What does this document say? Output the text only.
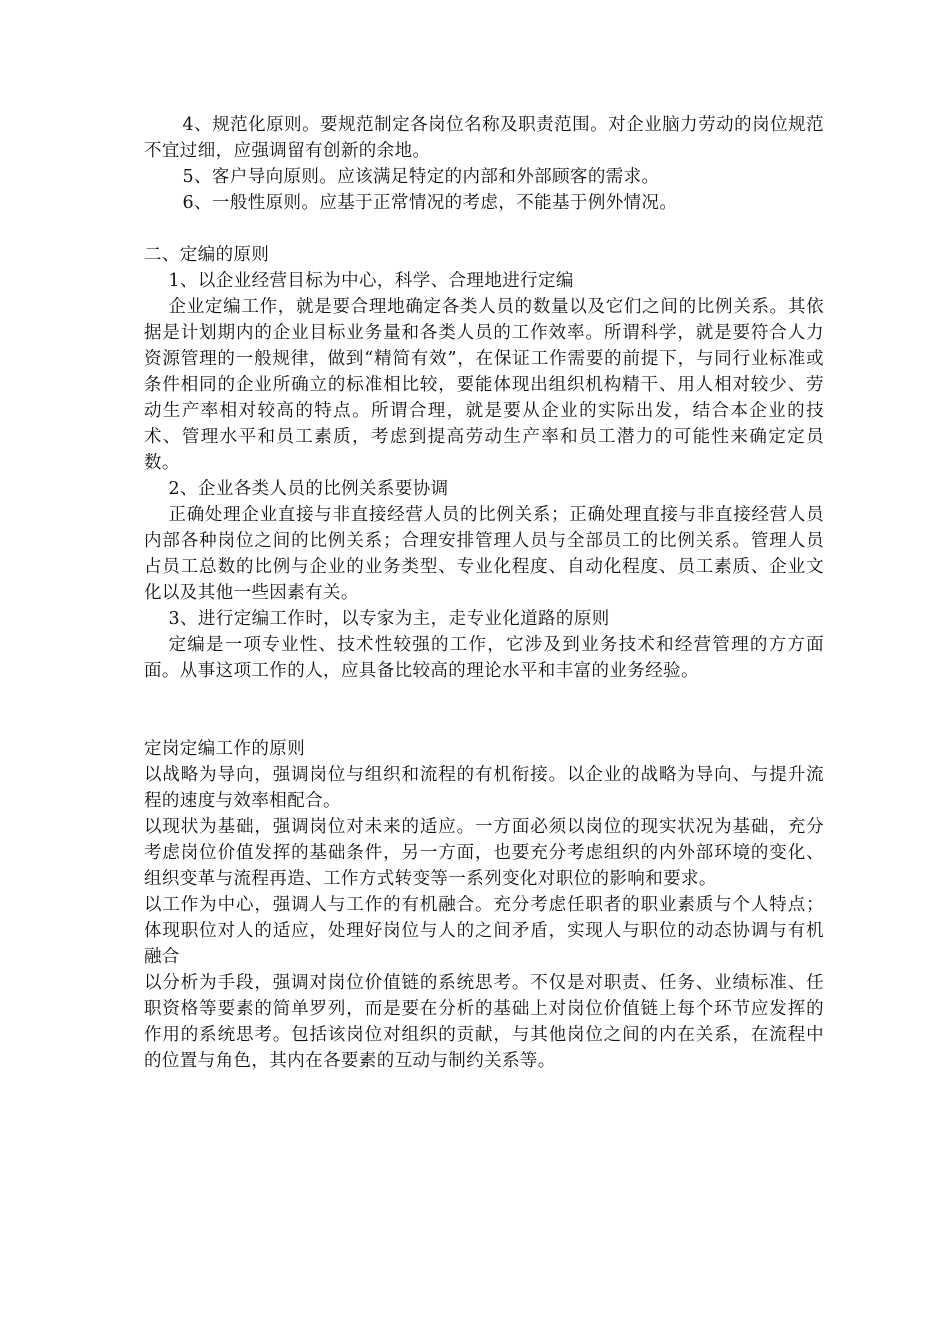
4、规范化原则。要规范制定各岗位名称及职责范围。对企业脑力劳动的岗位规范不宜过细，应强调留有创新的余地。

5、客户导向原则。应该满足特定的内部和外部顾客的需求。

6、一般性原则。应基于正常情况的考虑，不能基于例外情况。

二、定编的原则

1、以企业经营目标为中心，科学、合理地进行定编

企业定编工作，就是要合理地确定各类人员的数量以及它们之间的比例关系。其依据是计划期内的企业目标业务量和各类人员的工作效率。所谓科学，就是要符合人力资源管理的一般规律，做到“精简有效”，在保证工作需要的前提下，与同行业标准或条件相同的企业所确立的标准相比较，要能体现出组织机构精干、用人相对较少、劳动生产率相对较高的特点。所谓合理，就是要从企业的实际出发，结合本企业的技术、管理水平和员工素质，考虑到提高劳动生产率和员工潜力的可能性来确定定员数。

2、企业各类人员的比例关系要协调

正确处理企业直接与非直接经营人员的比例关系；正确处理直接与非直接经营人员内部各种岗位之间的比例关系；合理安排管理人员与全部员工的比例关系。管理人员占员工总数的比例与企业的业务类型、专业化程度、自动化程度、员工素质、企业文化以及其他一些因素有关。

3、进行定编工作时，以专家为主，走专业化道路的原则

定编是一项专业性、技术性较强的工作，它涉及到业务技术和经营管理的方方面面。从事这项工作的人，应具备比较高的理论水平和丰富的业务经验。

定岗定编工作的原则

以战略为导向，强调岗位与组织和流程的有机衔接。以企业的战略为导向、与提升流程的速度与效率相配合。

以现状为基础，强调岗位对未来的适应。一方面必须以岗位的现实状况为基础，充分考虑岗位价值发挥的基础条件，另一方面，也要充分考虑组织的内外部环境的变化、组织变革与流程再造、工作方式转变等一系列变化对职位的影响和要求。

以工作为中心，强调人与工作的有机融合。充分考虑任职者的职业素质与个人特点；体现职位对人的适应，处理好岗位与人的之间矛盾，实现人与职位的动态协调与有机融合

以分析为手段，强调对岗位价值链的系统思考。不仅是对职责、任务、业绩标准、任职资格等要素的简单罗列，而是要在分析的基础上对岗位价值链上每个环节应发挥的作用的系统思考。包括该岗位对组织的贡献，与其他岗位之间的内在关系，在流程中的位置与角色，其内在各要素的互动与制约关系等。
